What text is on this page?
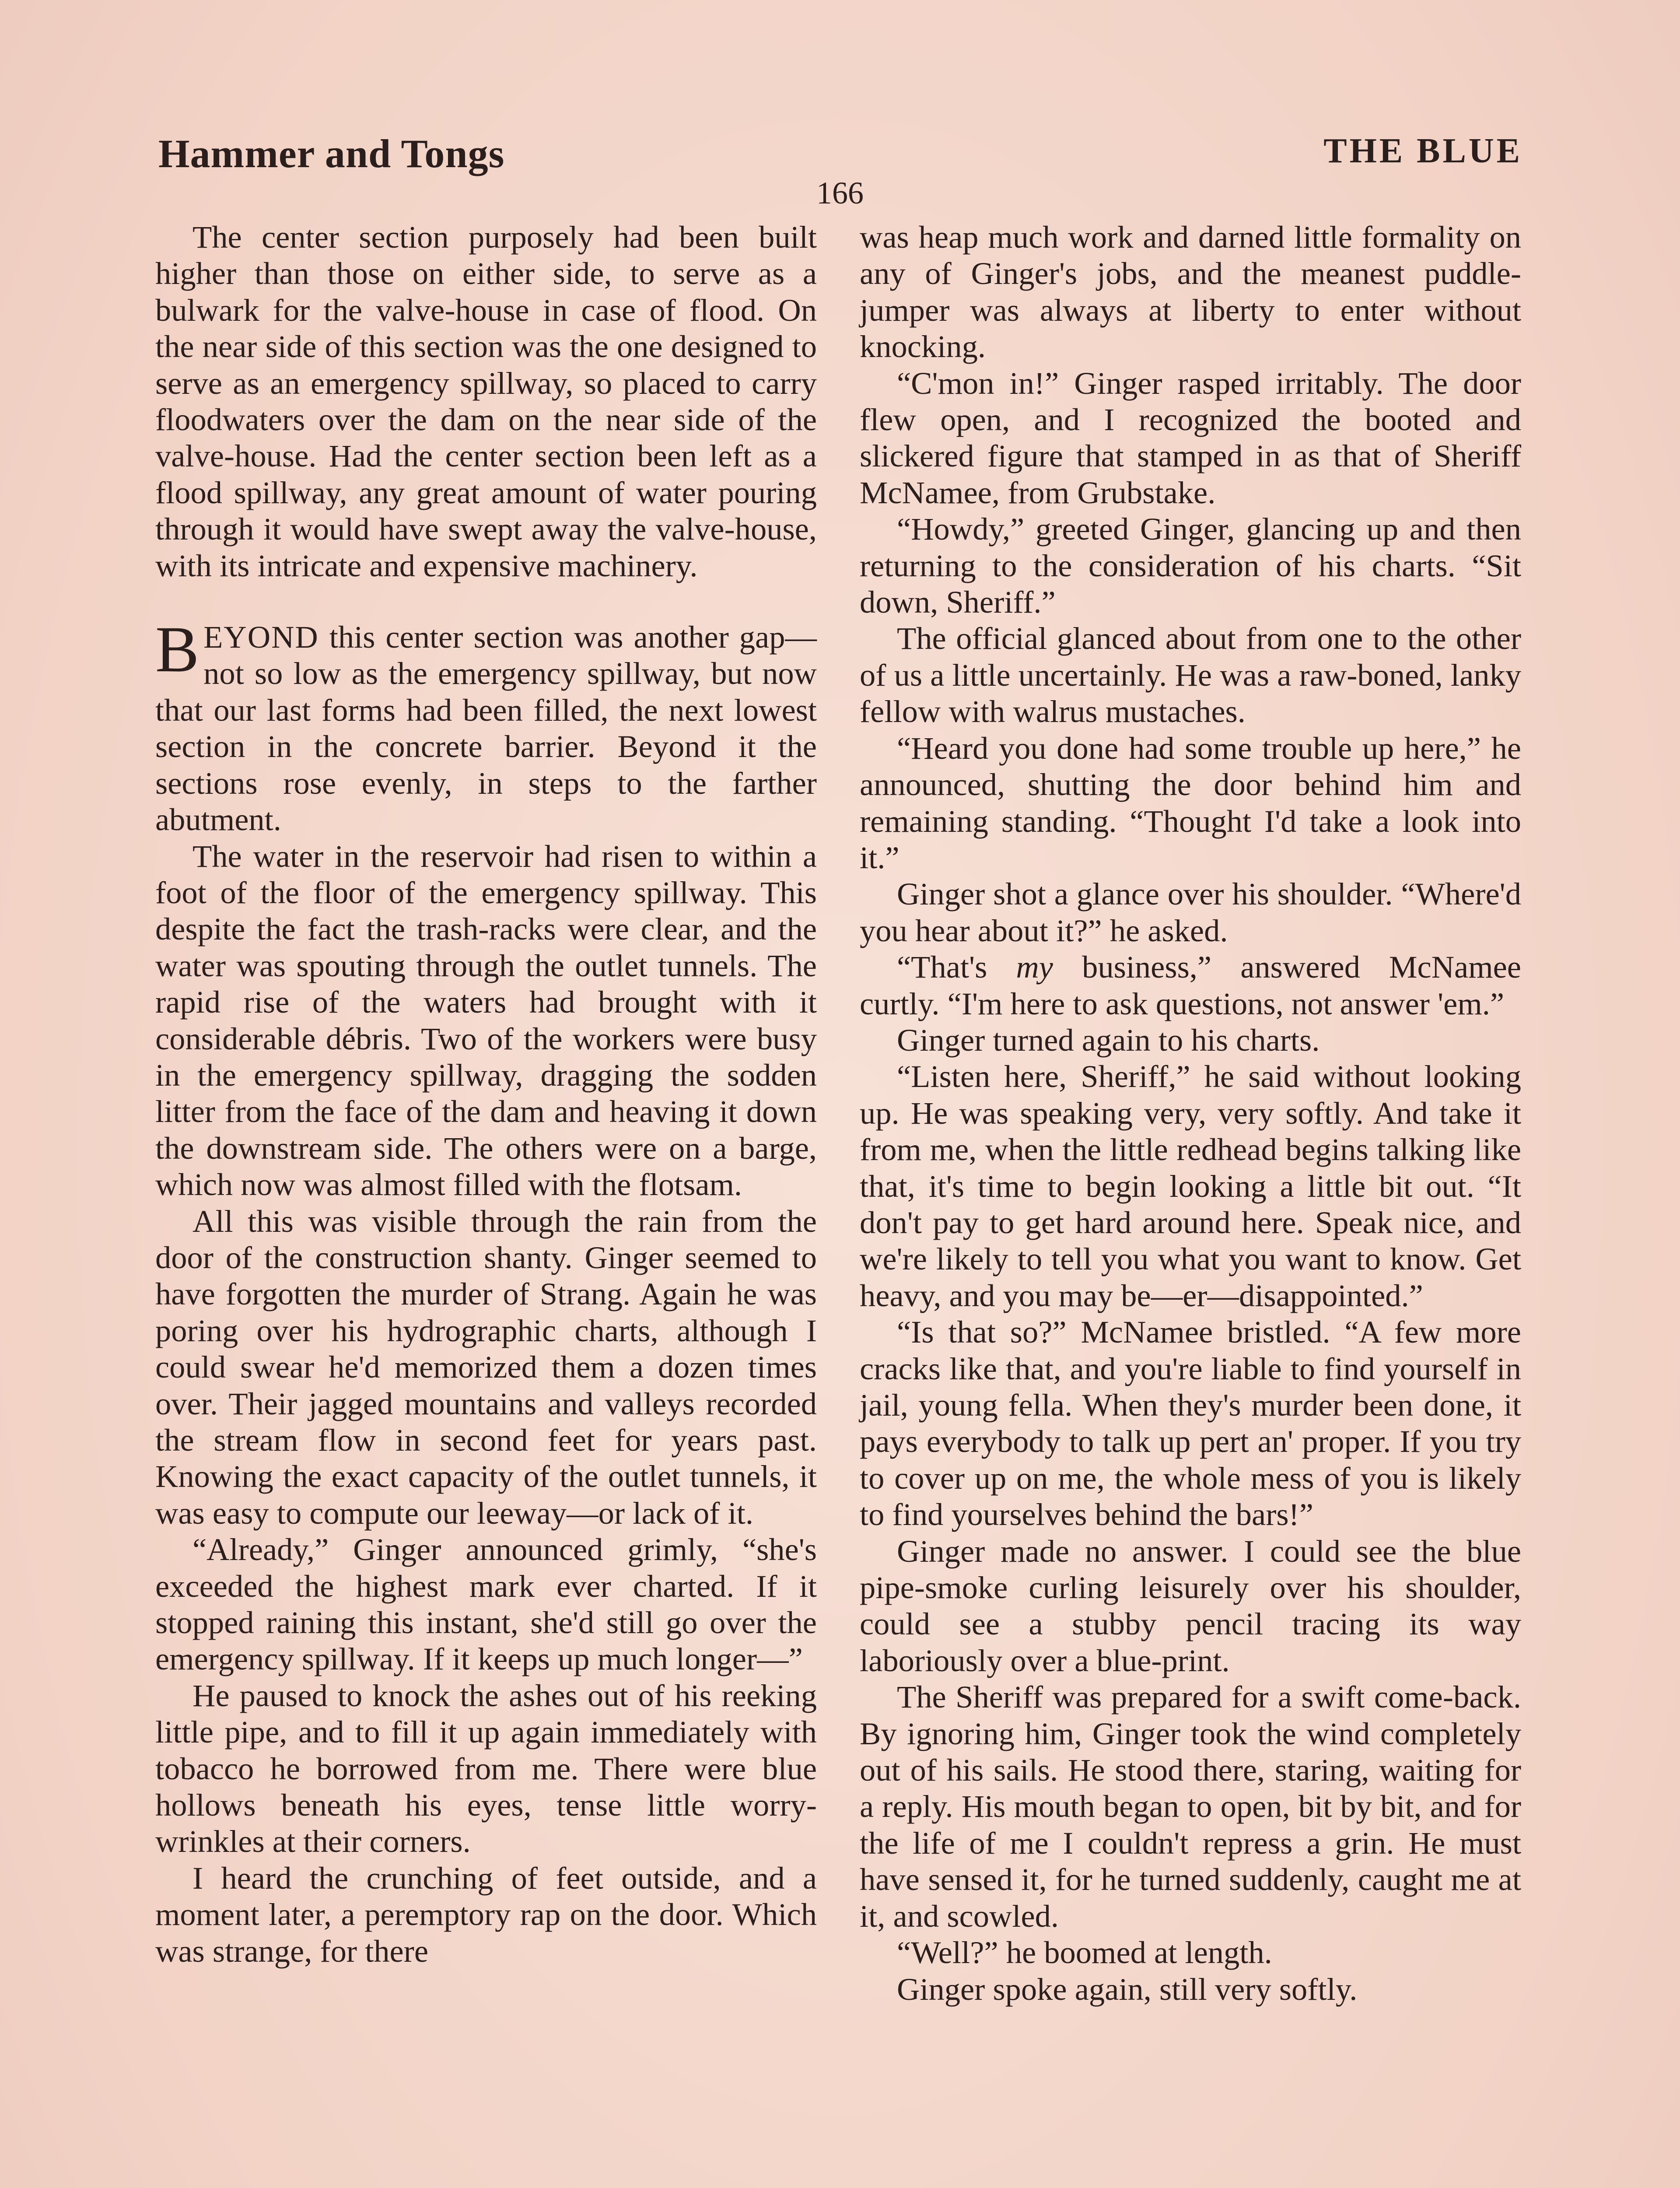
Hammer and Tongs	THE BLUE
166

The center section purposely had been built higher than those on either side, to serve as a bulwark for the valve-house in case of flood. On the near side of this section was the one designed to serve as an emergency spillway, so placed to carry floodwaters over the dam on the near side of the valve-house. Had the center section been left as a flood spillway, any great amount of water pouring through it would have swept away the valve-house, with its intricate and expensive machinery.

BEYOND this center section was another gap—not so low as the emergency spillway, but now that our last forms had been filled, the next lowest section in the concrete barrier. Beyond it the sections rose evenly, in steps to the farther abutment.

The water in the reservoir had risen to within a foot of the floor of the emergency spillway. This despite the fact the trash-racks were clear, and the water was spouting through the outlet tunnels. The rapid rise of the waters had brought with it considerable débris. Two of the workers were busy in the emergency spillway, dragging the sodden litter from the face of the dam and heaving it down the downstream side. The others were on a barge, which now was almost filled with the flotsam.

All this was visible through the rain from the door of the construction shanty. Ginger seemed to have forgotten the murder of Strang. Again he was poring over his hydrographic charts, although I could swear he'd memorized them a dozen times over. Their jagged mountains and valleys recorded the stream flow in second feet for years past. Knowing the exact capacity of the outlet tunnels, it was easy to compute our leeway—or lack of it.

“Already,” Ginger announced grimly, “she's exceeded the highest mark ever charted. If it stopped raining this instant, she'd still go over the emergency spillway. If it keeps up much longer—”

He paused to knock the ashes out of his reeking little pipe, and to fill it up again immediately with tobacco he borrowed from me. There were blue hollows beneath his eyes, tense little worry-wrinkles at their corners.

I heard the crunching of feet outside, and a moment later, a peremptory rap on the door. Which was strange, for there

was heap much work and darned little formality on any of Ginger's jobs, and the meanest puddle-jumper was always at liberty to enter without knocking.

“C'mon in!” Ginger rasped irritably. The door flew open, and I recognized the booted and slickered figure that stamped in as that of Sheriff McNamee, from Grubstake.

“Howdy,” greeted Ginger, glancing up and then returning to the consideration of his charts. “Sit down, Sheriff.”

The official glanced about from one to the other of us a little uncertainly. He was a raw-boned, lanky fellow with walrus mustaches.

“Heard you done had some trouble up here,” he announced, shutting the door behind him and remaining standing. “Thought I'd take a look into it.”

Ginger shot a glance over his shoulder. “Where'd you hear about it?” he asked.

“That's my business,” answered McNamee curtly. “I'm here to ask questions, not answer 'em.”

Ginger turned again to his charts.

“Listen here, Sheriff,” he said without looking up. He was speaking very, very softly. And take it from me, when the little redhead begins talking like that, it's time to begin looking a little bit out. “It don't pay to get hard around here. Speak nice, and we're likely to tell you what you want to know. Get heavy, and you may be—er—disappointed.”

“Is that so?” McNamee bristled. “A few more cracks like that, and you're liable to find yourself in jail, young fella. When they's murder been done, it pays everybody to talk up pert an' proper. If you try to cover up on me, the whole mess of you is likely to find yourselves behind the bars!”

Ginger made no answer. I could see the blue pipe-smoke curling leisurely over his shoulder, could see a stubby pencil tracing its way laboriously over a blue-print.

The Sheriff was prepared for a swift come-back. By ignoring him, Ginger took the wind completely out of his sails. He stood there, staring, waiting for a reply. His mouth began to open, bit by bit, and for the life of me I couldn't repress a grin. He must have sensed it, for he turned suddenly, caught me at it, and scowled.

“Well?” he boomed at length.

Ginger spoke again, still very softly.
